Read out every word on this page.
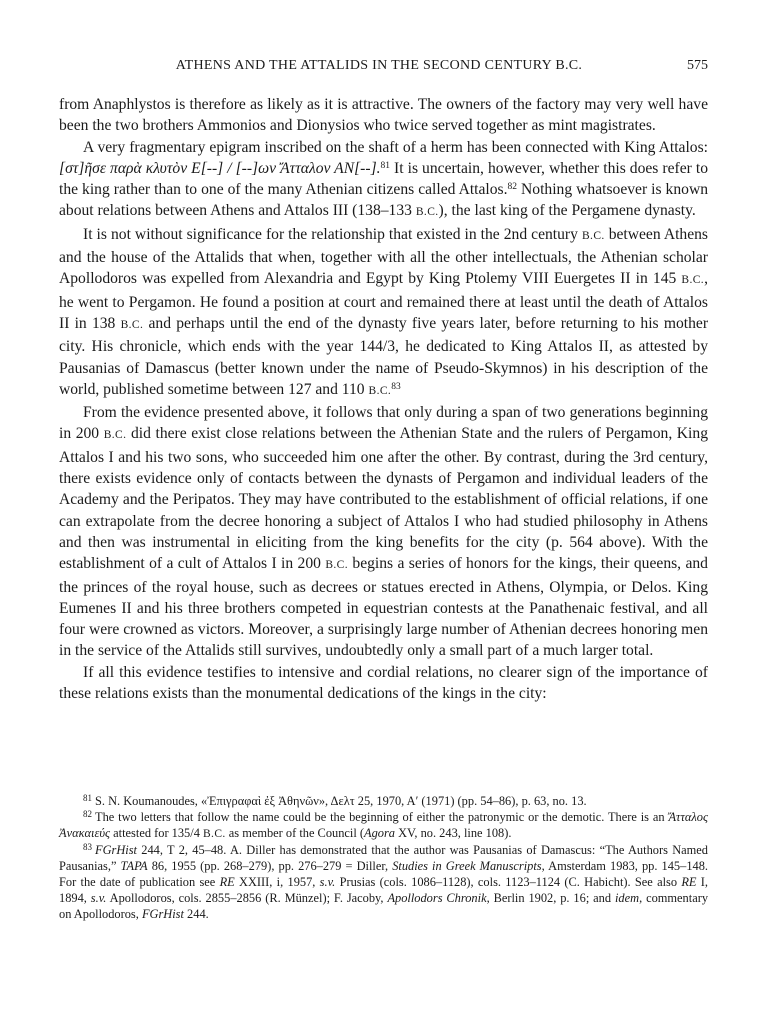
ATHENS AND THE ATTALIDS IN THE SECOND CENTURY B.C.	575

from Anaphlystos is therefore as likely as it is attractive. The owners of the factory may very well have been the two brothers Ammonios and Dionysios who twice served together as mint magistrates.

A very fragmentary epigram inscribed on the shaft of a herm has been connected with King Attalos: [στ]ῆσε παρὰ κλυτὸν Ε[--] / [--]ων Ἄτταλον ΑΝ[--].$^{81}$ It is uncertain, however, whether this does refer to the king rather than to one of the many Athenian citizens called Attalos.$^{82}$ Nothing whatsoever is known about relations between Athens and Attalos III (138–133 B.C.), the last king of the Pergamene dynasty.

It is not without significance for the relationship that existed in the 2nd century B.C. between Athens and the house of the Attalids that when, together with all the other intellectuals, the Athenian scholar Apollodoros was expelled from Alexandria and Egypt by King Ptolemy VIII Euergetes II in 145 B.C., he went to Pergamon. He found a position at court and remained there at least until the death of Attalos II in 138 B.C. and perhaps until the end of the dynasty five years later, before returning to his mother city. His chronicle, which ends with the year 144/3, he dedicated to King Attalos II, as attested by Pausanias of Damascus (better known under the name of Pseudo-Skymnos) in his description of the world, published sometime between 127 and 110 B.C.$^{83}$

From the evidence presented above, it follows that only during a span of two generations beginning in 200 B.C. did there exist close relations between the Athenian State and the rulers of Pergamon, King Attalos I and his two sons, who succeeded him one after the other. By contrast, during the 3rd century, there exists evidence only of contacts between the dynasts of Pergamon and individual leaders of the Academy and the Peripatos. They may have contributed to the establishment of official relations, if one can extrapolate from the decree honoring a subject of Attalos I who had studied philosophy in Athens and then was instrumental in eliciting from the king benefits for the city (p. 564 above). With the establishment of a cult of Attalos I in 200 B.C. begins a series of honors for the kings, their queens, and the princes of the royal house, such as decrees or statues erected in Athens, Olympia, or Delos. King Eumenes II and his three brothers competed in equestrian contests at the Panathenaic festival, and all four were crowned as victors. Moreover, a surprisingly large number of Athenian decrees honoring men in the service of the Attalids still survives, undoubtedly only a small part of a much larger total.

If all this evidence testifies to intensive and cordial relations, no clearer sign of the importance of these relations exists than the monumental dedications of the kings in the city:

$^{81}$ S. N. Koumanoudes, «Ἐπιγραφαὶ ἐξ Ἀθηνῶν», Δελτ 25, 1970, Α′ (1971) (pp. 54–86), p. 63, no. 13.

$^{82}$ The two letters that follow the name could be the beginning of either the patronymic or the demotic. There is an Ἄτταλος Ἀνακαιεύς attested for 135/4 B.C. as member of the Council (Agora XV, no. 243, line 108).

$^{83}$ FGrHist 244, T 2, 45–48. A. Diller has demonstrated that the author was Pausanias of Damascus: “The Authors Named Pausanias,” TAPA 86, 1955 (pp. 268–279), pp. 276–279 = Diller, Studies in Greek Manuscripts, Amsterdam 1983, pp. 145–148. For the date of publication see RE XXIII, i, 1957, s.v. Prusias (cols. 1086–1128), cols. 1123–1124 (C. Habicht). See also RE I, 1894, s.v. Apollodoros, cols. 2855–2856 (R. Münzel); F. Jacoby, Apollodors Chronik, Berlin 1902, p. 16; and idem, commentary on Apollodoros, FGrHist 244.
